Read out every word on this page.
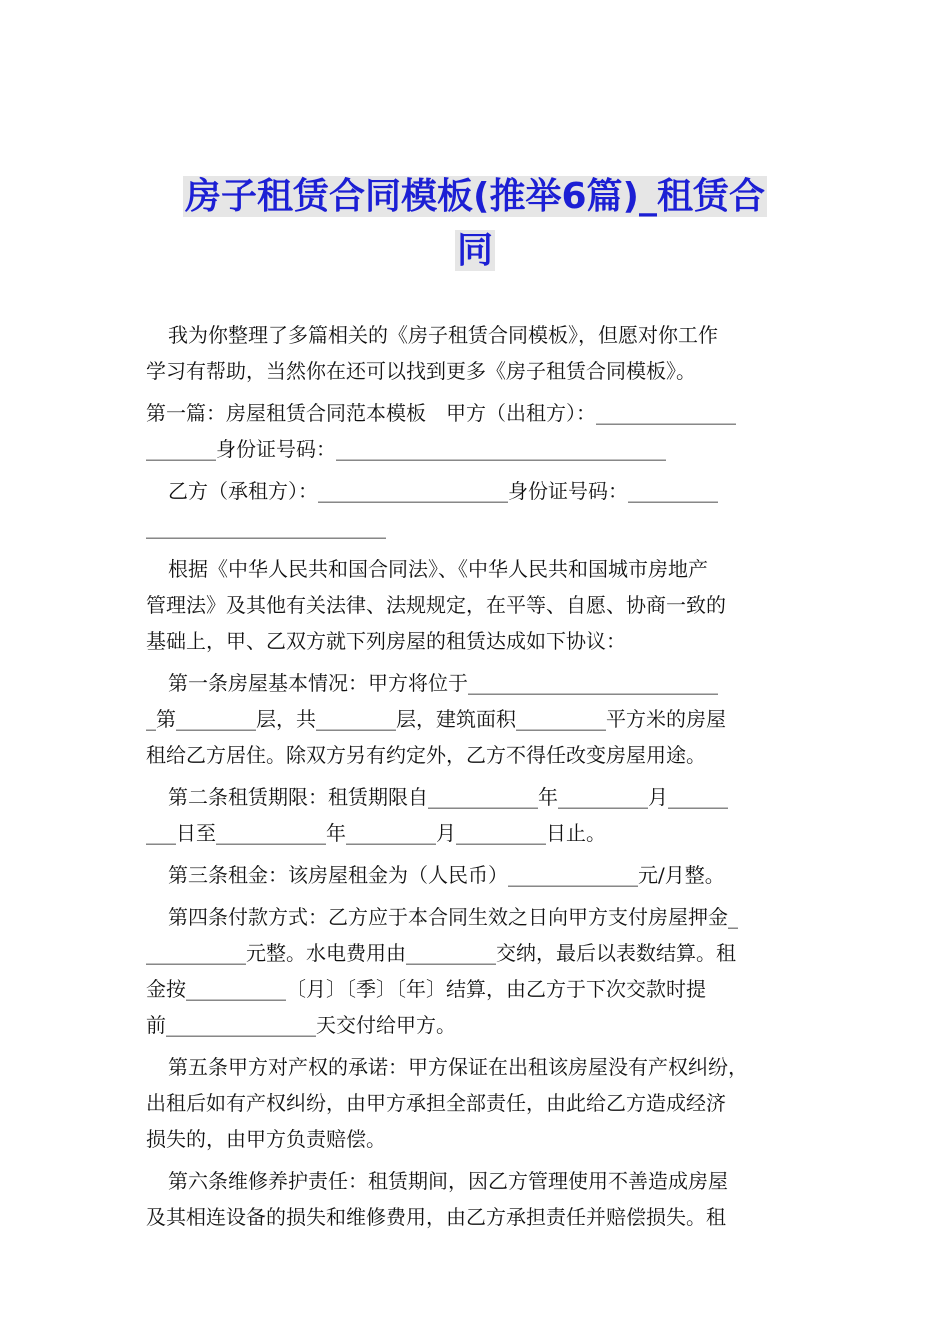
房子租赁合同模板(推举6篇)_租赁合
同
我为你整理了多篇相关的《房子租赁合同模板》，但愿对你工作
学习有帮助，当然你在还可以找到更多《房子租赁合同模板》。
第一篇：房屋租赁合同范本模板　甲方（出租方）：______________
_______身份证号码：_________________________________
乙方（承租方）：___________________身份证号码：_________
________________________
根据《中华人民共和国合同法》、《中华人民共和国城市房地产
管理法》及其他有关法律、法规规定，在平等、自愿、协商一致的
基础上，甲、乙双方就下列房屋的租赁达成如下协议：
第一条房屋基本情况：甲方将位于_________________________
_第________层，共________层，建筑面积_________平方米的房屋
租给乙方居住。除双方另有约定外，乙方不得任改变房屋用途。
第二条租赁期限：租赁期限自___________年_________月______
___日至___________年_________月_________日止。
第三条租金：该房屋租金为（人民币）_____________元/月整。
第四条付款方式：乙方应于本合同生效之日向甲方支付房屋押金_
__________元整。水电费用由_________交纳，最后以表数结算。租
金按__________〔月〕〔季〕〔年〕结算，由乙方于下次交款时提
前_______________天交付给甲方。
第五条甲方对产权的承诺：甲方保证在出租该房屋没有产权纠纷，
出租后如有产权纠纷，由甲方承担全部责任，由此给乙方造成经济
损失的，由甲方负责赔偿。
第六条维修养护责任：租赁期间，因乙方管理使用不善造成房屋
及其相连设备的损失和维修费用，由乙方承担责任并赔偿损失。租
